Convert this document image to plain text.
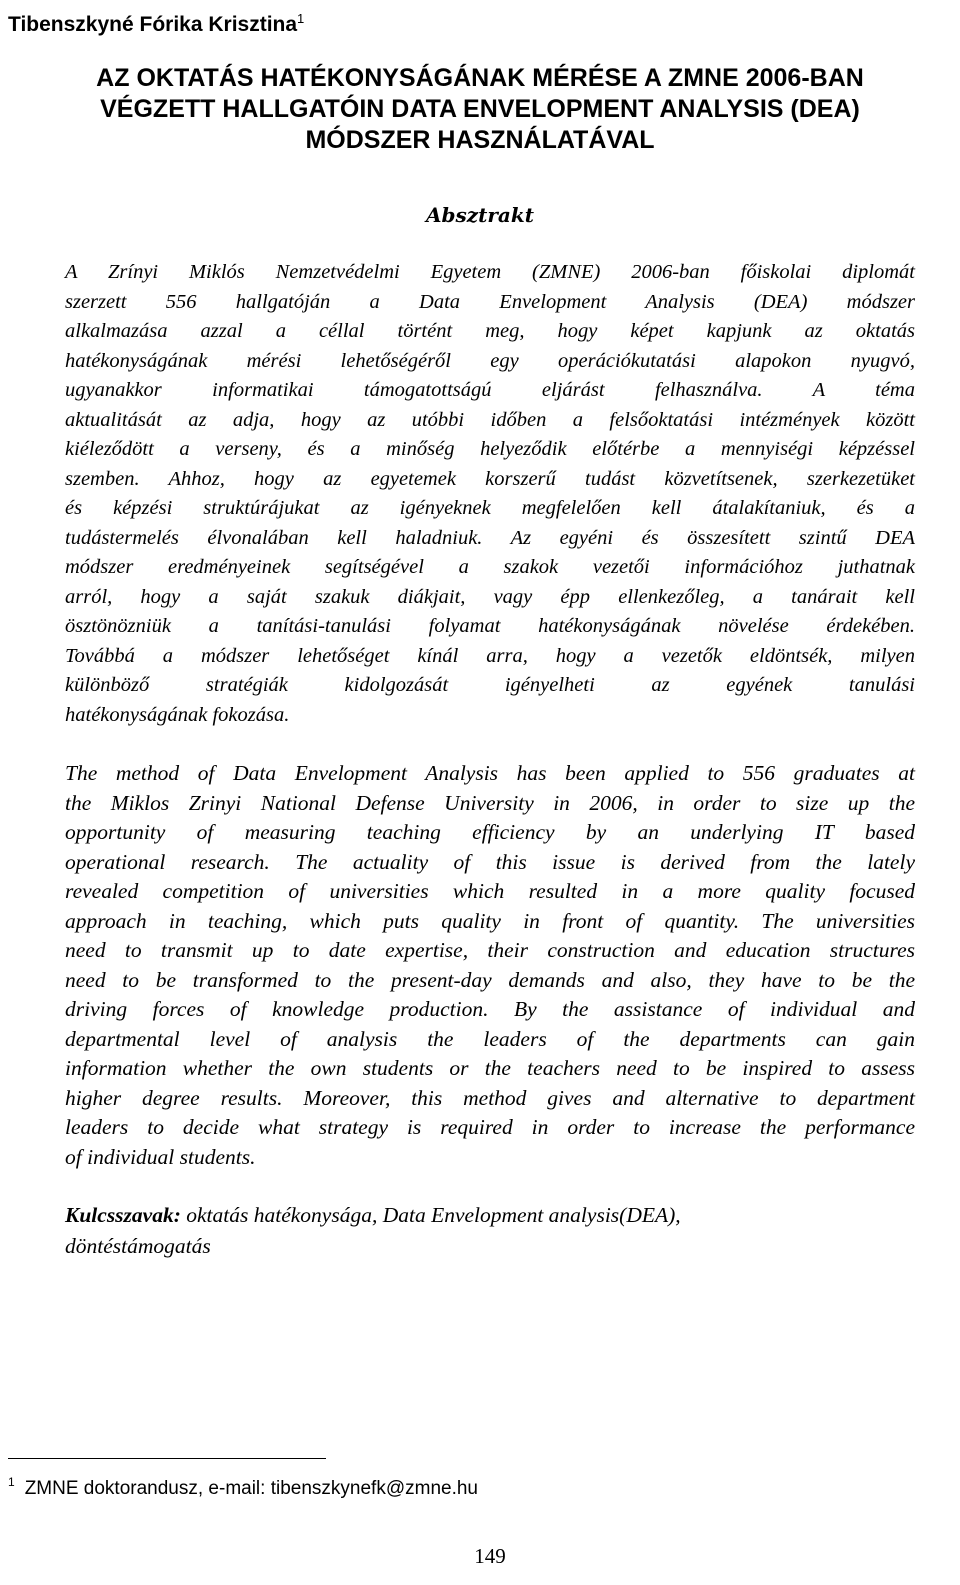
Tibenszkyné Fórika Krisztina$^1$
AZ OKTATÁS HATÉKONYSÁGÁNAK MÉRÉSE A ZMNE 2006-BAN
VÉGZETT HALLGATÓIN DATA ENVELOPMENT ANALYSIS (DEA)
MÓDSZER HASZNÁLATÁVAL
Absztrakt
A Zrínyi Miklós Nemzetvédelmi Egyetem (ZMNE) 2006-ban főiskolai diplomát
szerzett 556 hallgatóján a Data Envelopment Analysis (DEA) módszer
alkalmazása azzal a céllal történt meg, hogy képet kapjunk az oktatás
hatékonyságának mérési lehetőségéről egy operációkutatási alapokon nyugvó,
ugyanakkor informatikai támogatottságú eljárást felhasználva. A téma
aktualitását az adja, hogy az utóbbi időben a felsőoktatási intézmények között
kiéleződött a verseny, és a minőség helyeződik előtérbe a mennyiségi képzéssel
szemben. Ahhoz, hogy az egyetemek korszerű tudást közvetítsenek, szerkezetüket
és képzési struktúrájukat az igényeknek megfelelően kell átalakítaniuk, és a
tudástermelés élvonalában kell haladniuk. Az egyéni és összesített szintű DEA
módszer eredményeinek segítségével a szakok vezetői információhoz juthatnak
arról, hogy a saját szakuk diákjait, vagy épp ellenkezőleg, a tanárait kell
ösztönözniük a tanítási-tanulási folyamat hatékonyságának növelése érdekében.
Továbbá a módszer lehetőséget kínál arra, hogy a vezetők eldöntsék, milyen
különböző stratégiák kidolgozását igényelheti az egyének tanulási
hatékonyságának fokozása.
The method of Data Envelopment Analysis has been applied to 556 graduates at
the Miklos Zrinyi National Defense University in 2006, in order to size up the
opportunity of measuring teaching efficiency by an underlying IT based
operational research. The actuality of this issue is derived from the lately
revealed competition of universities which resulted in a more quality focused
approach in teaching, which puts quality in front of quantity. The universities
need to transmit up to date expertise, their construction and education structures
need to be transformed to the present-day demands and also, they have to be the
driving forces of knowledge production. By the assistance of individual and
departmental level of analysis the leaders of the departments can gain
information whether the own students or the teachers need to be inspired to assess
higher degree results. Moreover, this method gives and alternative to department
leaders to decide what strategy is required in order to increase the performance
of individual students.
Kulcsszavak: oktatás hatékonysága, Data Envelopment analysis(DEA),
döntéstámogatás
$^1$ ZMNE doktorandusz, e-mail: tibenszkynefk@zmne.hu
149
